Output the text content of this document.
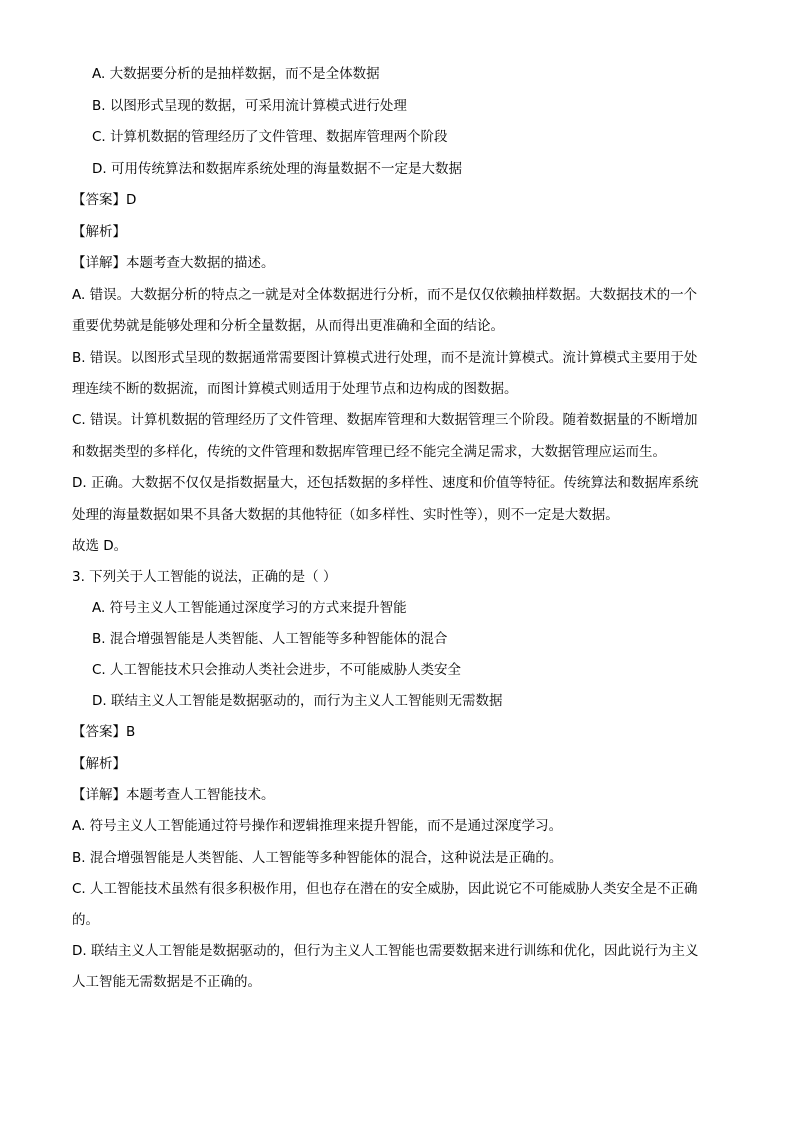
A. 大数据要分析的是抽样数据，而不是全体数据
B. 以图形式呈现的数据，可采用流计算模式进行处理
C. 计算机数据的管理经历了文件管理、数据库管理两个阶段
D. 可用传统算法和数据库系统处理的海量数据不一定是大数据
【答案】D
【解析】
【详解】本题考查大数据的描述。
A. 错误。大数据分析的特点之一就是对全体数据进行分析，而不是仅仅依赖抽样数据。大数据技术的一个
重要优势就是能够处理和分析全量数据，从而得出更准确和全面的结论。
B. 错误。以图形式呈现的数据通常需要图计算模式进行处理，而不是流计算模式。流计算模式主要用于处
理连续不断的数据流，而图计算模式则适用于处理节点和边构成的图数据。
C. 错误。计算机数据的管理经历了文件管理、数据库管理和大数据管理三个阶段。随着数据量的不断增加
和数据类型的多样化，传统的文件管理和数据库管理已经不能完全满足需求，大数据管理应运而生。
D. 正确。大数据不仅仅是指数据量大，还包括数据的多样性、速度和价值等特征。传统算法和数据库系统
处理的海量数据如果不具备大数据的其他特征（如多样性、实时性等），则不一定是大数据。
故选 D。
3. 下列关于人工智能的说法，正确的是（ ）
A. 符号主义人工智能通过深度学习的方式来提升智能
B. 混合增强智能是人类智能、人工智能等多种智能体的混合
C. 人工智能技术只会推动人类社会进步，不可能威胁人类安全
D. 联结主义人工智能是数据驱动的，而行为主义人工智能则无需数据
【答案】B
【解析】
【详解】本题考查人工智能技术。
A. 符号主义人工智能通过符号操作和逻辑推理来提升智能，而不是通过深度学习。
B. 混合增强智能是人类智能、人工智能等多种智能体的混合，这种说法是正确的。
C. 人工智能技术虽然有很多积极作用，但也存在潜在的安全威胁，因此说它不可能威胁人类安全是不正确
的。
D. 联结主义人工智能是数据驱动的，但行为主义人工智能也需要数据来进行训练和优化，因此说行为主义
人工智能无需数据是不正确的。
